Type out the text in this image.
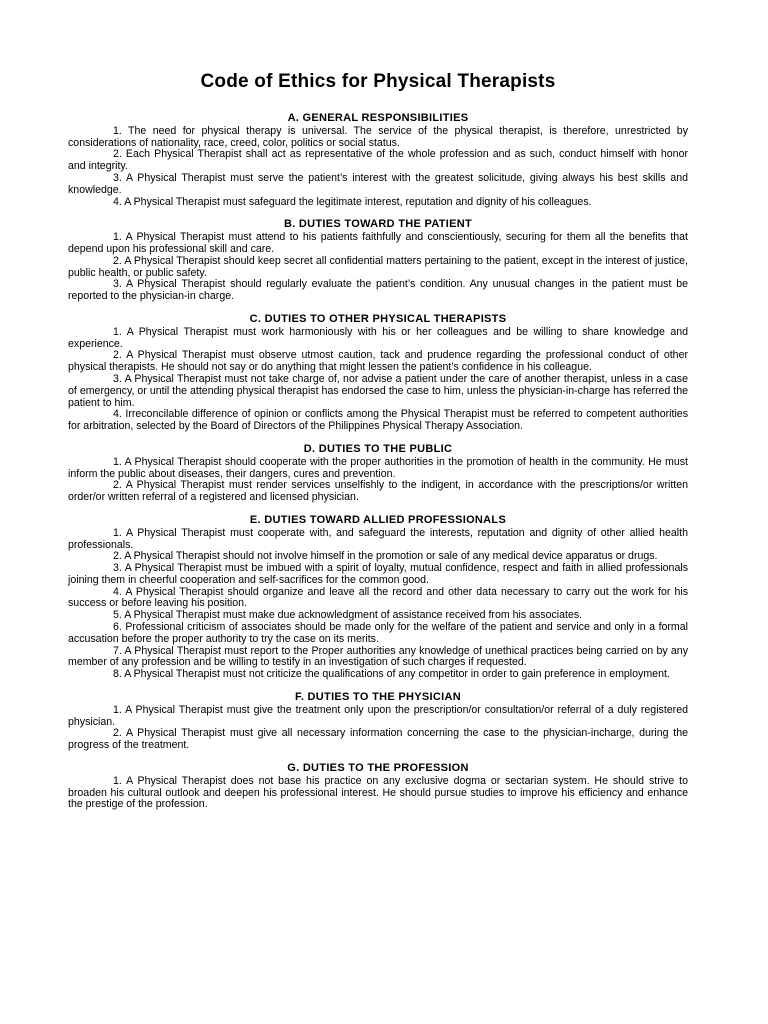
Code of Ethics for Physical Therapists
A. GENERAL RESPONSIBILITIES

1. The need for physical therapy is universal. The service of the physical therapist, is therefore, unrestricted by considerations of nationality, race, creed, color, politics or social status.

2. Each Physical Therapist shall act as representative of the whole profession and as such, conduct himself with honor and integrity.

3. A Physical Therapist must serve the patient’s interest with the greatest solicitude, giving always his best skills and knowledge.

4. A Physical Therapist must safeguard the legitimate interest, reputation and dignity of his colleagues.

B. DUTIES TOWARD THE PATIENT

1. A Physical Therapist must attend to his patients faithfully and conscientiously, securing for them all the benefits that depend upon his professional skill and care.

2. A Physical Therapist should keep secret all confidential matters pertaining to the patient, except in the interest of justice, public health, or public safety.

3. A Physical Therapist should regularly evaluate the patient’s condition. Any unusual changes in the patient must be reported to the physician-in charge.

C. DUTIES TO OTHER PHYSICAL THERAPISTS

1. A Physical Therapist must work harmoniously with his or her colleagues and be willing to share knowledge and experience.

2. A Physical Therapist must observe utmost caution, tack and prudence regarding the professional conduct of other physical therapists. He should not say or do anything that might lessen the patient’s confidence in his colleague.

3. A Physical Therapist must not take charge of, nor advise a patient under the care of another therapist, unless in a case of emergency, or until the attending physical therapist has endorsed the case to him, unless the physician-in-charge has referred the patient to him.

4. Irreconcilable difference of opinion or conflicts among the Physical Therapist must be referred to competent authorities for arbitration, selected by the Board of Directors of the Philippines Physical Therapy Association.

D. DUTIES TO THE PUBLIC

1. A Physical Therapist should cooperate with the proper authorities in the promotion of health in the community. He must inform the public about diseases, their dangers, cures and prevention.

2. A Physical Therapist must render services unselfishly to the indigent, in accordance with the prescriptions/or written order/or written referral of a registered and licensed physician.

E. DUTIES TOWARD ALLIED PROFESSIONALS

1. A Physical Therapist must cooperate with, and safeguard the interests, reputation and dignity of other allied health professionals.

2. A Physical Therapist should not involve himself in the promotion or sale of any medical device apparatus or drugs.

3. A Physical Therapist must be imbued with a spirit of loyalty, mutual confidence, respect and faith in allied professionals joining them in cheerful cooperation and self-sacrifices for the common good.

4. A Physical Therapist should organize and leave all the record and other data necessary to carry out the work for his success or before leaving his position.

5. A Physical Therapist must make due acknowledgment of assistance received from his associates.

6. Professional criticism of associates should be made only for the welfare of the patient and service and only in a formal accusation before the proper authority to try the case on its merits.

7. A Physical Therapist must report to the Proper authorities any knowledge of unethical practices being carried on by any member of any profession and be willing to testify in an investigation of such charges if requested.

8. A Physical Therapist must not criticize the qualifications of any competitor in order to gain preference in employment.

F. DUTIES TO THE PHYSICIAN

1. A Physical Therapist must give the treatment only upon the prescription/or consultation/or referral of a duly registered physician.

2. A Physical Therapist must give all necessary information concerning the case to the physician-incharge, during the progress of the treatment.

G. DUTIES TO THE PROFESSION

1. A Physical Therapist does not base his practice on any exclusive dogma or sectarian system. He should strive to broaden his cultural outlook and deepen his professional interest. He should pursue studies to improve his efficiency and enhance the prestige of the profession.
